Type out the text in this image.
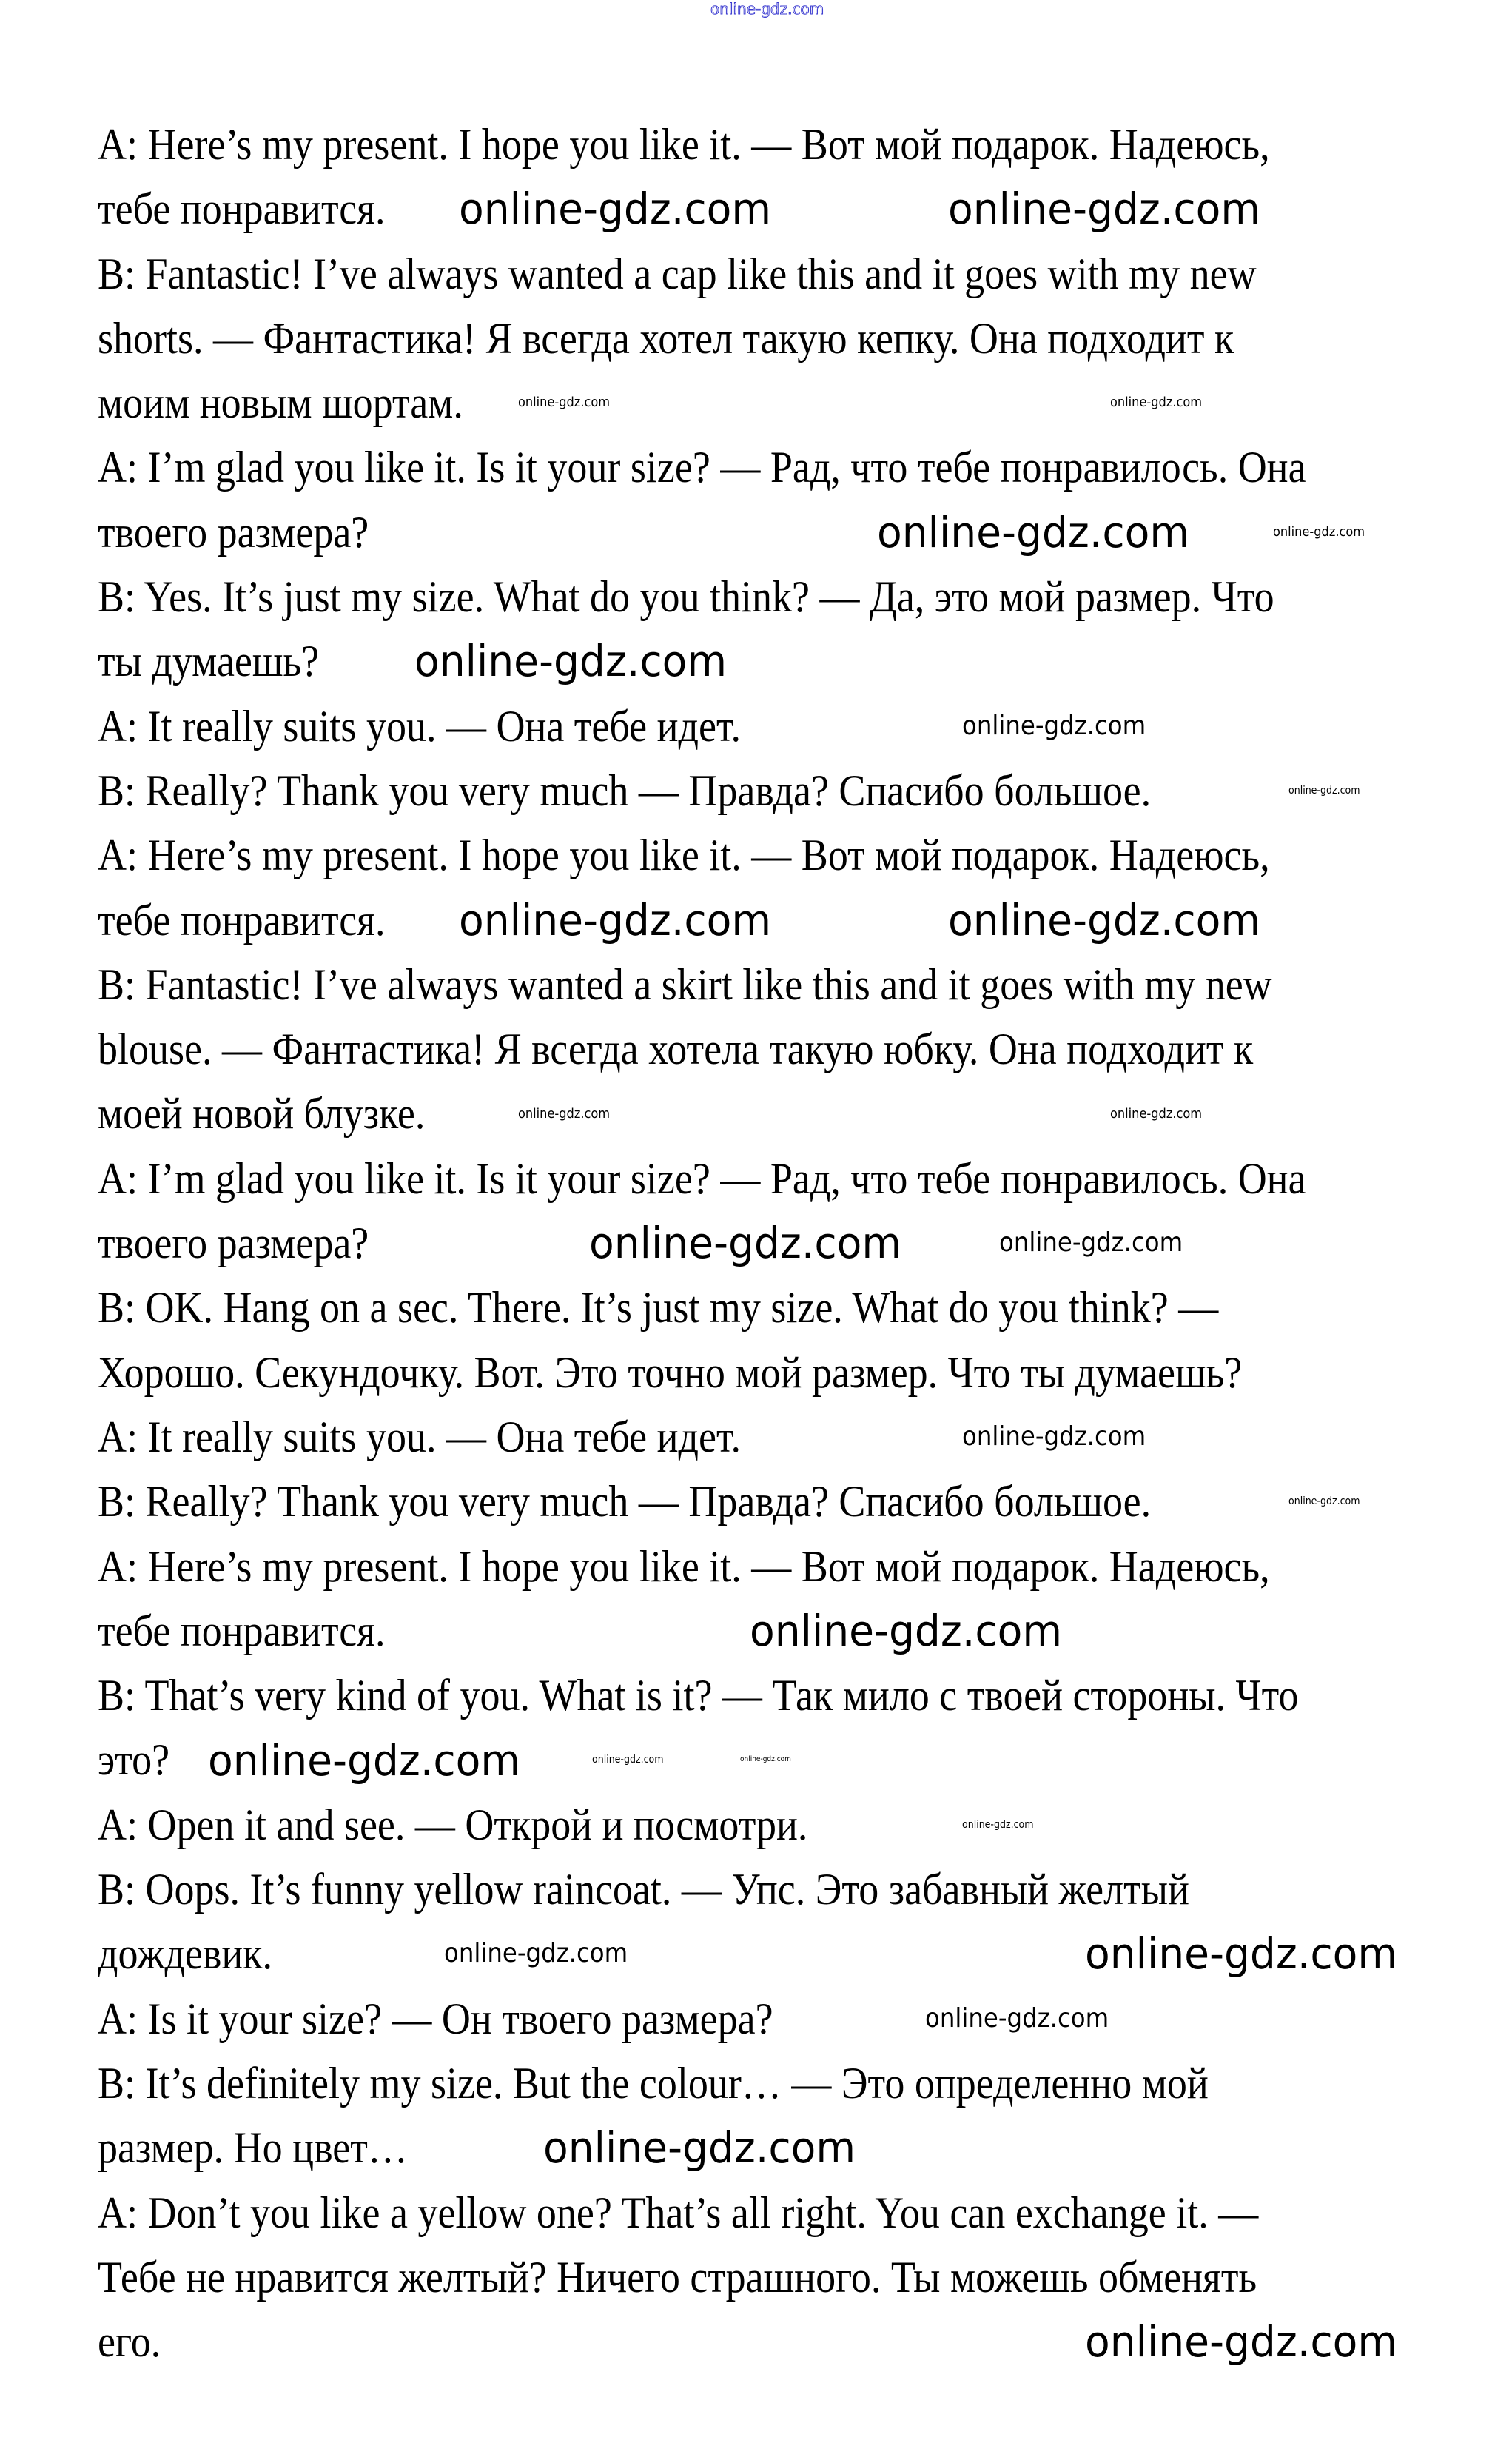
A: Here’s my present. I hope you like it. — Вот мой подарок. Надеюсь,
тебе понравится.
B: Fantastic! I’ve always wanted a cap like this and it goes with my new
shorts. — Фантастика! Я всегда хотел такую кепку. Она подходит к
моим новым шортам.
A: I’m glad you like it. Is it your size? — Рад, что тебе понравилось. Она
твоего размера?
B: Yes. It’s just my size. What do you think? — Да, это мой размер. Что
ты думаешь?
A: It really suits you. — Она тебе идет.
B: Really? Thank you very much — Правда? Спасибо большое.
A: Here’s my present. I hope you like it. — Вот мой подарок. Надеюсь,
тебе понравится.
B: Fantastic! I’ve always wanted a skirt like this and it goes with my new
blouse. — Фантастика! Я всегда хотела такую юбку. Она подходит к
моей новой блузке.
A: I’m glad you like it. Is it your size? — Рад, что тебе понравилось. Она
твоего размера?
B: OK. Hang on a sec. There. It’s just my size. What do you think? —
Хорошо. Секундочку. Вот. Это точно мой размер. Что ты думаешь?
A: It really suits you. — Она тебе идет.
B: Really? Thank you very much — Правда? Спасибо большое.
A: Here’s my present. I hope you like it. — Вот мой подарок. Надеюсь,
тебе понравится.
B: That’s very kind of you. What is it? — Так мило с твоей стороны. Что
это?
A: Open it and see. — Открой и посмотри.
B: Oops. It’s funny yellow raincoat. — Упс. Это забавный желтый
дождевик.
A: Is it your size? — Он твоего размера?
B: It’s definitely my size. But the colour… — Это определенно мой
размер. Но цвет…
A: Don’t you like a yellow one? That’s all right. You can exchange it. —
Тебе не нравится желтый? Ничего страшного. Ты можешь обменять
его.
online-gdz.com
online-gdz.com	online-gdz.com
online-gdz.com
online-gdz.com
online-gdz.com
online-gdz.com
online-gdz.com
online-gdz.com
online-gdz.com
online-gdz.com
online-gdz.com
online-gdz.com
online-gdz.com	online-gdz.com
online-gdz.com
online-gdz.com	online-gdz.com
online-gdz.com
online-gdz.com
online-gdz.com
online-gdz.com
online-gdz.com
online-gdz.com	online-gdz.com
online-gdz.com
online-gdz.com
online-gdz.com
